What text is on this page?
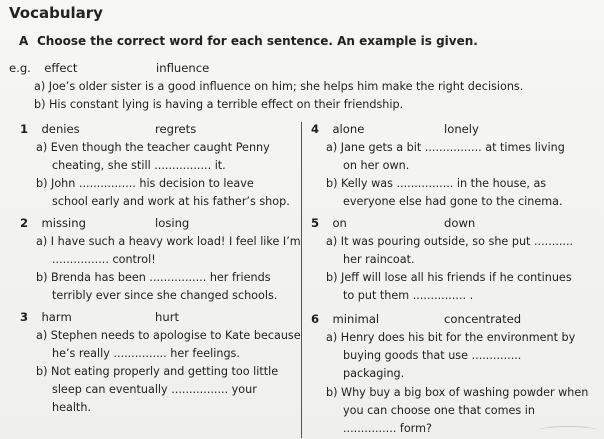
Vocabulary
A Choose the correct word for each sentence. An example is given.
e.g. effect	influence
a) Joe’s older sister is a good influence on him; she helps him make the right decisions.
b) His constant lying is having a terrible effect on their friendship.
1 denies	regrets
a) Even though the teacher caught Penny
cheating, she still ................ it.
b) John ................ his decision to leave
school early and work at his father’s shop.
2 missing	losing
a) I have such a heavy work load! I feel like I’m
................ control!
b) Brenda has been ................ her friends
terribly ever since she changed schools.
3 harm	hurt
a) Stephen needs to apologise to Kate because
he’s really ............... her feelings.
b) Not eating properly and getting too little
sleep can eventually ................ your
health.
4 alone	lonely
a) Jane gets a bit ................ at times living
on her own.
b) Kelly was ................ in the house, as
everyone else had gone to the cinema.
5 on	down
a) It was pouring outside, so she put ...........
her raincoat.
b) Jeff will lose all his friends if he continues
to put them ............... .
6 minimal	concentrated
a) Henry does his bit for the environment by
buying goods that use ..............
packaging.
b) Why buy a big box of washing powder when
you can choose one that comes in
............... form?
